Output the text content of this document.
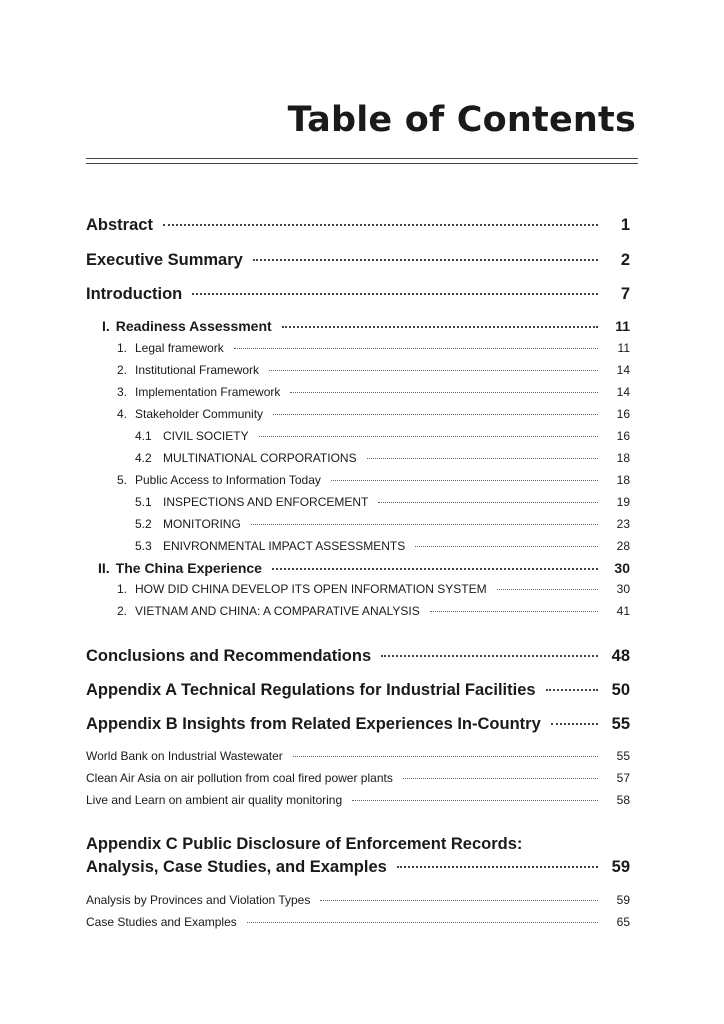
Table of Contents
Abstract	1
Executive Summary	2
Introduction	7
I. Readiness Assessment	11
1. Legal framework	11
2. Institutional Framework	14
3. Implementation Framework	14
4. Stakeholder Community	16
4.1 CIVIL SOCIETY	16
4.2 MULTINATIONAL CORPORATIONS	18
5. Public Access to Information Today	18
5.1 INSPECTIONS AND ENFORCEMENT	19
5.2 MONITORING	23
5.3 ENIVRONMENTAL IMPACT ASSESSMENTS	28
II. The China Experience	30
1. HOW DID CHINA DEVELOP ITS OPEN INFORMATION SYSTEM	30
2. VIETNAM AND CHINA: A COMPARATIVE ANALYSIS	41
Conclusions and Recommendations	48
Appendix A Technical Regulations for Industrial Facilities	50
Appendix B Insights from Related Experiences In-Country	55
World Bank on Industrial Wastewater	55
Clean Air Asia on air pollution from coal fired power plants	57
Live and Learn on ambient air quality monitoring	58
Appendix C Public Disclosure of Enforcement Records:
Analysis, Case Studies, and Examples	59
Analysis by Provinces and Violation Types	59
Case Studies and Examples	65
